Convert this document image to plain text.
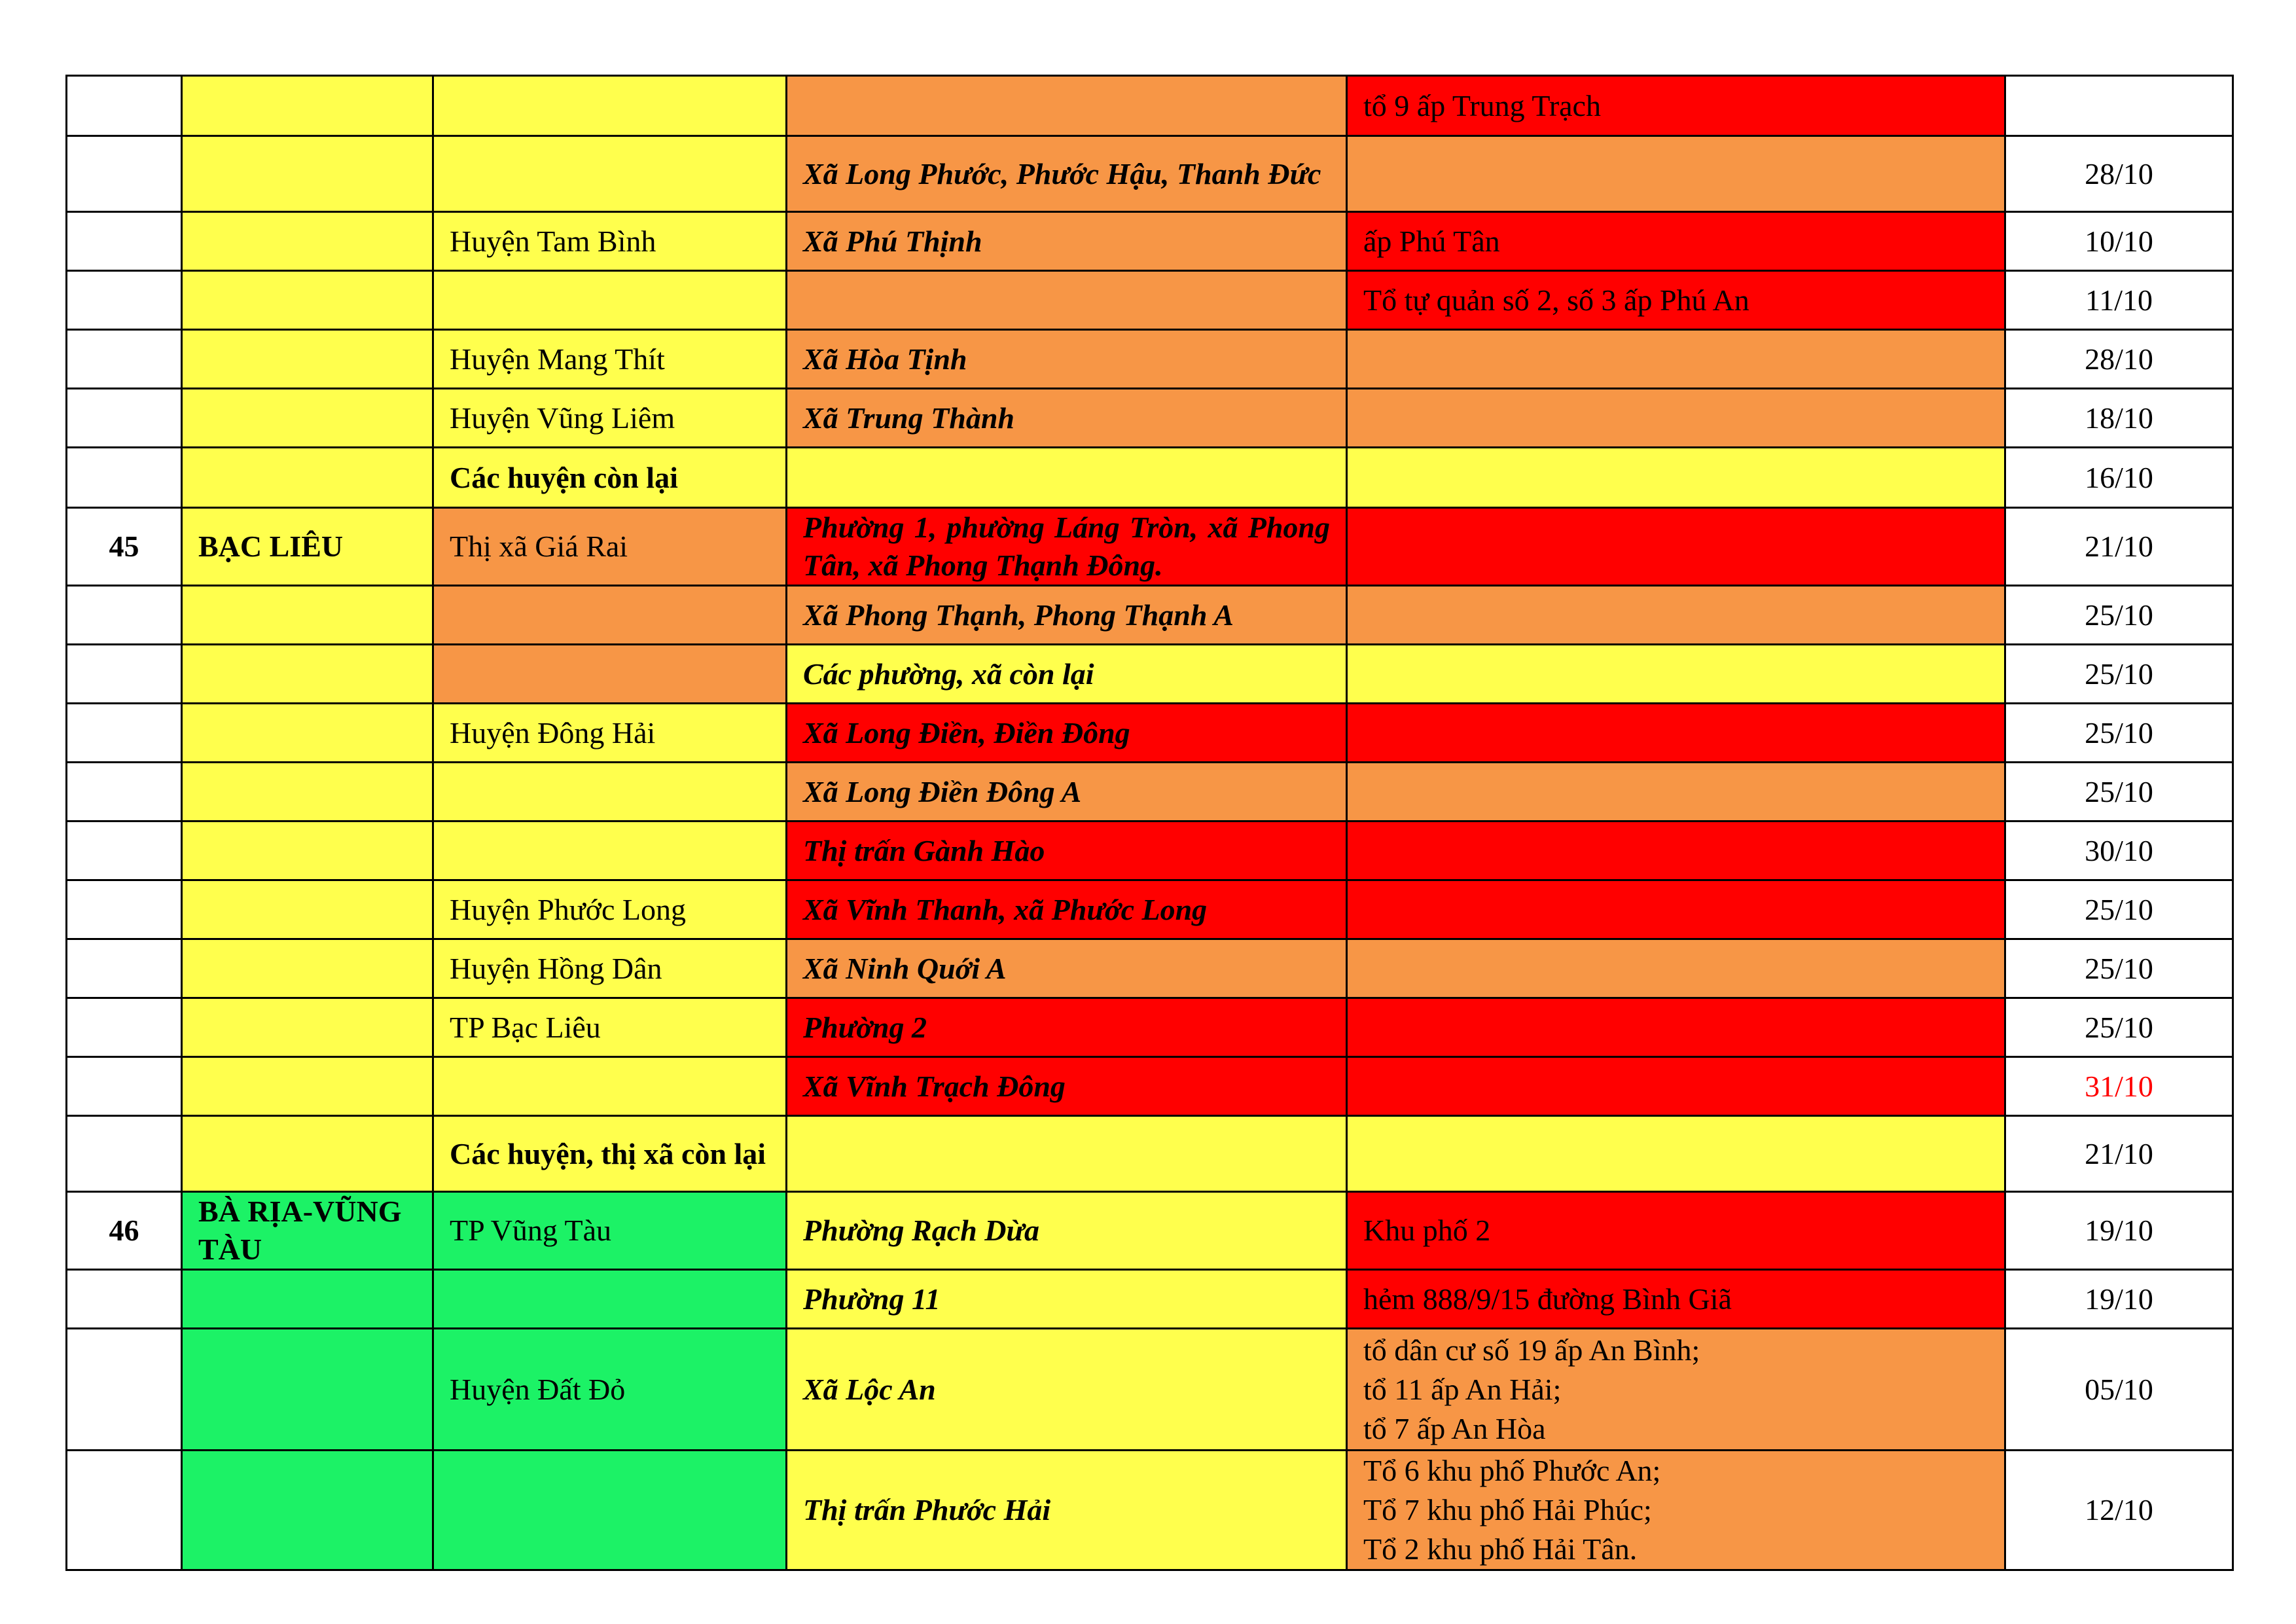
				tổ 9 ấp Trung Trạch	
			Xã Long Phước, Phước Hậu, Thanh Đức		28/10
		Huyện Tam Bình	Xã Phú Thịnh	ấp Phú Tân	10/10
				Tổ tự quản số 2, số 3 ấp Phú An	11/10
		Huyện Mang Thít	Xã Hòa Tịnh		28/10
		Huyện Vũng Liêm	Xã Trung Thành		18/10
		Các huyện còn lại			16/10
45	BẠC LIÊU	Thị xã Giá Rai	Phường 1, phường Láng Tròn, xã Phong Tân, xã Phong Thạnh Đông.		21/10
			Xã Phong Thạnh, Phong Thạnh A		25/10
			Các phường, xã còn lại		25/10
		Huyện Đông Hải	Xã Long Điền, Điền Đông		25/10
			Xã Long Điền Đông A		25/10
			Thị trấn Gành Hào		30/10
		Huyện Phước Long	Xã Vĩnh Thanh, xã Phước Long		25/10
		Huyện Hồng Dân	Xã Ninh Quới A		25/10
		TP Bạc Liêu	Phường 2		25/10
			Xã Vĩnh Trạch Đông		31/10
		Các huyện, thị xã còn lại			21/10
46	BÀ RỊA-VŨNG TÀU	TP Vũng Tàu	Phường Rạch Dừa	Khu phố 2	19/10
			Phường 11	hẻm 888/9/15 đường Bình Giã	19/10
		Huyện Đất Đỏ	Xã Lộc An	tổ dân cư số 19 ấp An Bình;
tổ 11 ấp An Hải;
tổ 7 ấp An Hòa	05/10
			Thị trấn Phước Hải	Tổ 6 khu phố Phước An;
Tổ 7 khu phố Hải Phúc;
Tổ 2 khu phố Hải Tân.	12/10
